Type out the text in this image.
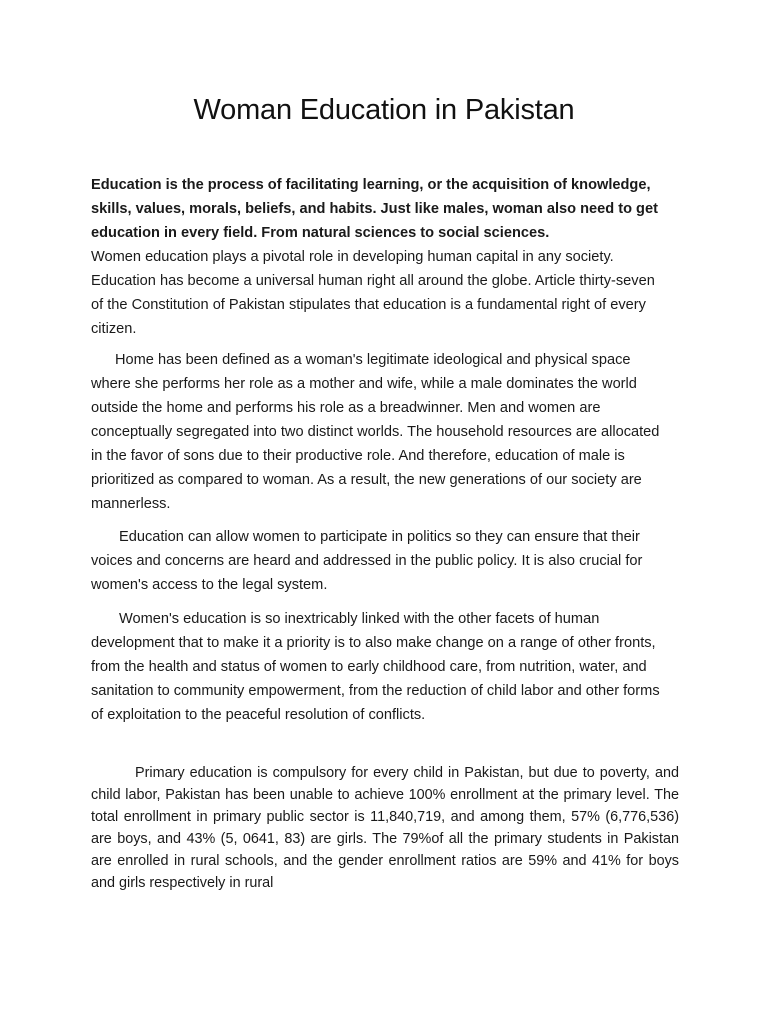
Woman Education in Pakistan

Education is the process of facilitating learning, or the acquisition of knowledge, skills, values, morals, beliefs, and habits. Just like males, woman also need to get education in every field. From natural sciences to social sciences.

Women education plays a pivotal role in developing human capital in any society. Education has become a universal human right all around the globe. Article thirty-seven of the Constitution of Pakistan stipulates that education is a fundamental right of every citizen.

Home has been defined as a woman's legitimate ideological and physical space where she performs her role as a mother and wife, while a male dominates the world outside the home and performs his role as a breadwinner. Men and women are conceptually segregated into two distinct worlds. The household resources are allocated in the favor of sons due to their productive role. And therefore, education of male is prioritized as compared to woman. As a result, the new generations of our society are mannerless.

Education can allow women to participate in politics so they can ensure that their voices and concerns are heard and addressed in the public policy. It is also crucial for women's access to the legal system.

Women's education is so inextricably linked with the other facets of human development that to make it a priority is to also make change on a range of other fronts, from the health and status of women to early childhood care, from nutrition, water, and sanitation to community empowerment, from the reduction of child labor and other forms of exploitation to the peaceful resolution of conflicts.

Primary education is compulsory for every child in Pakistan, but due to poverty, and child labor, Pakistan has been unable to achieve 100% enrollment at the primary level. The total enrollment in primary public sector is 11,840,719, and among them, 57% (6,776,536) are boys, and 43% (5, 0641, 83) are girls. The 79%of all the primary students in Pakistan are enrolled in rural schools, and the gender enrollment ratios are 59% and 41% for boys and girls respectively in rural
